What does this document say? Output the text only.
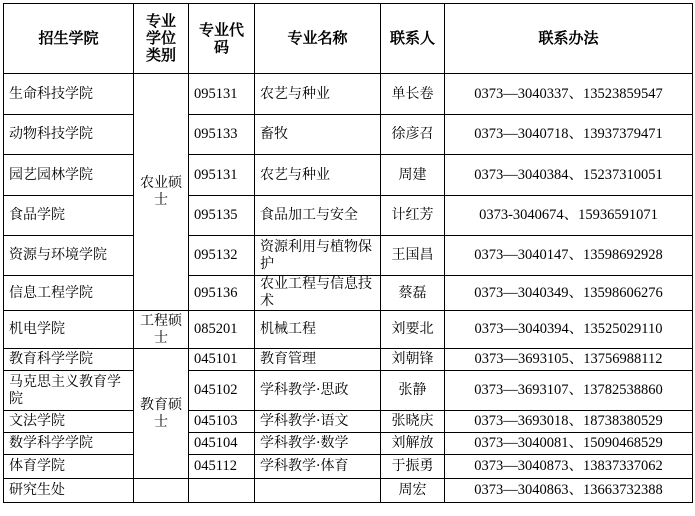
招生学院	专业学位类别	专业代码	专业名称	联系人	联系办法
生命科技学院	农业硕士	095131	农艺与种业	单长卷	0373—3040337、13523859547
动物科技学院		095133	畜牧	徐彦召	0373—3040718、13937379471
园艺园林学院		095131	农艺与种业	周建	0373—3040384、15237310051
食品学院		095135	食品加工与安全	计红芳	0373-3040674、15936591071
资源与环境学院		095132	资源利用与植物保护	王国昌	0373—3040147、13598692928
信息工程学院		095136	农业工程与信息技术	蔡磊	0373—3040349、13598606276
机电学院	工程硕士	085201	机械工程	刘要北	0373—3040394、13525029110
教育科学学院	教育硕士	045101	教育管理	刘朝锋	0373—3693105、13756988112
马克思主义教育学院		045102	学科教学·思政	张静	0373—3693107、13782538860
文法学院		045103	学科教学·语文	张晓庆	0373—3693018、18738380529
数学科学学院		045104	学科教学·数学	刘解放	0373—3040081、15090468529
体育学院		045112	学科教学·体育	于振勇	0373—3040873、13837337062
研究生处				周宏	0373—3040863、13663732388
